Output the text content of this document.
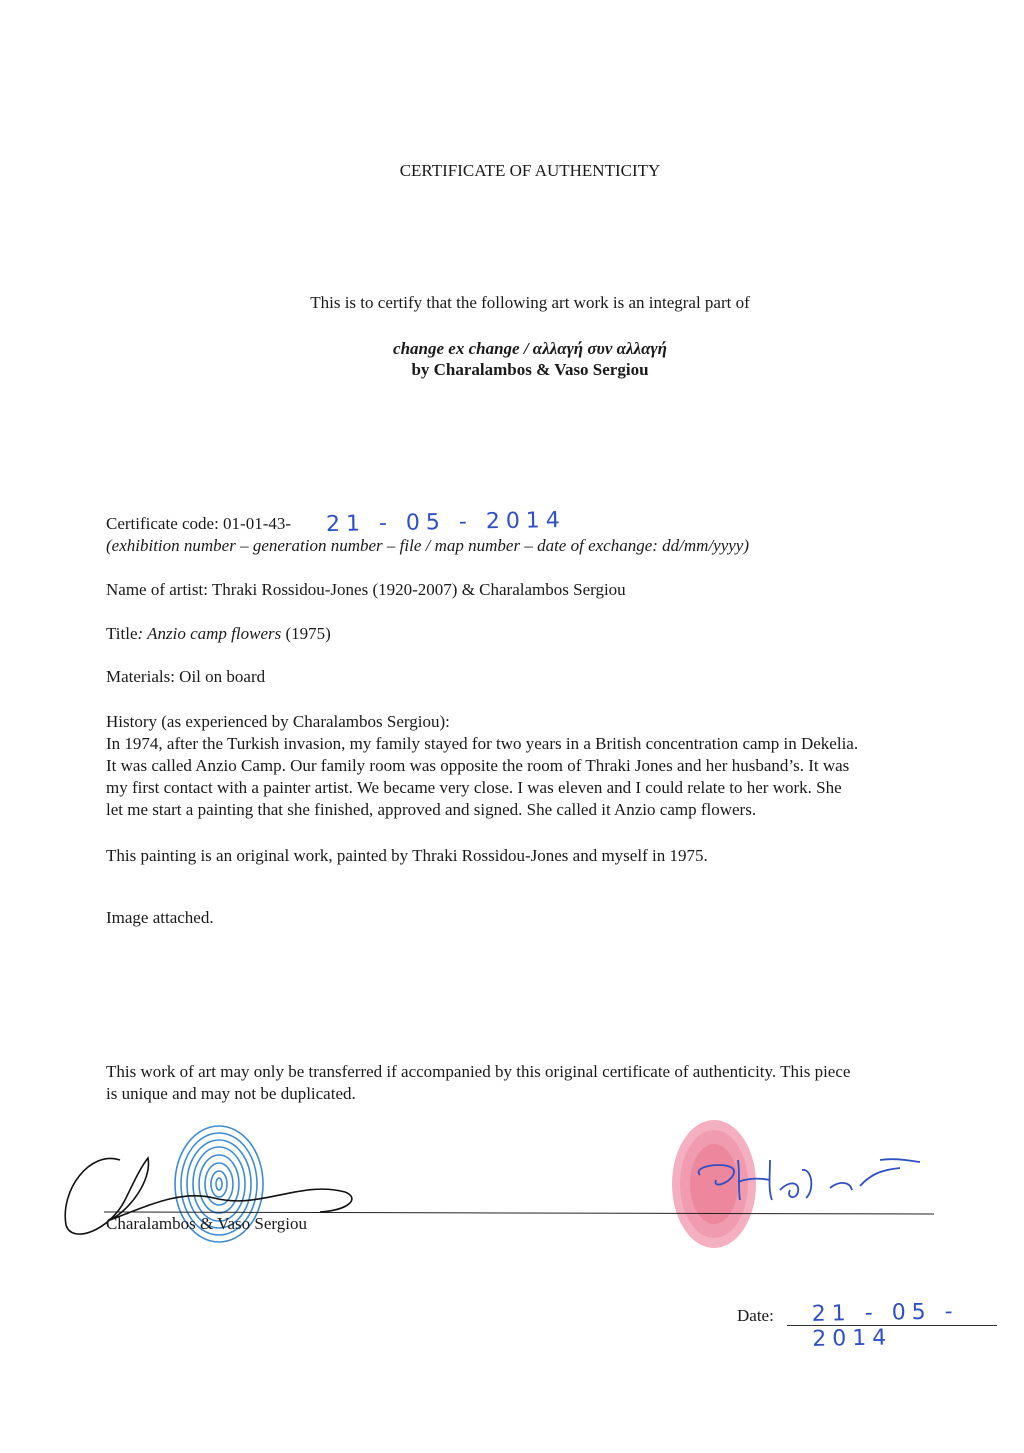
CERTIFICATE OF AUTHENTICITY
This is to certify that the following art work is an integral part of
change ex change / αλλαγή συν αλλαγή
by Charalambos & Vaso Sergiou
Certificate code: 01-01-43- 21 - 05 - 2014
(exhibition number – generation number – file / map number – date of exchange: dd/mm/yyyy)
Name of artist: Thraki Rossidou-Jones (1920-2007) & Charalambos Sergiou
Title: Anzio camp flowers (1975)
Materials: Oil on board
History (as experienced by Charalambos Sergiou):

In 1974, after the Turkish invasion, my family stayed for two years in a British concentration camp in Dekelia.

It was called Anzio Camp. Our family room was opposite the room of Thraki Jones and her husband’s. It was

my first contact with a painter artist. We became very close. I was eleven and I could relate to her work. She

let me start a painting that she finished, approved and signed. She called it Anzio camp flowers.

This painting is an original work, painted by Thraki Rossidou-Jones and myself in 1975.
Image attached.

This work of art may only be transferred if accompanied by this original certificate of authenticity. This piece

is unique and may not be duplicated.

Charalambos & Vaso Sergiou
Date: 21 - 05 - 2014
